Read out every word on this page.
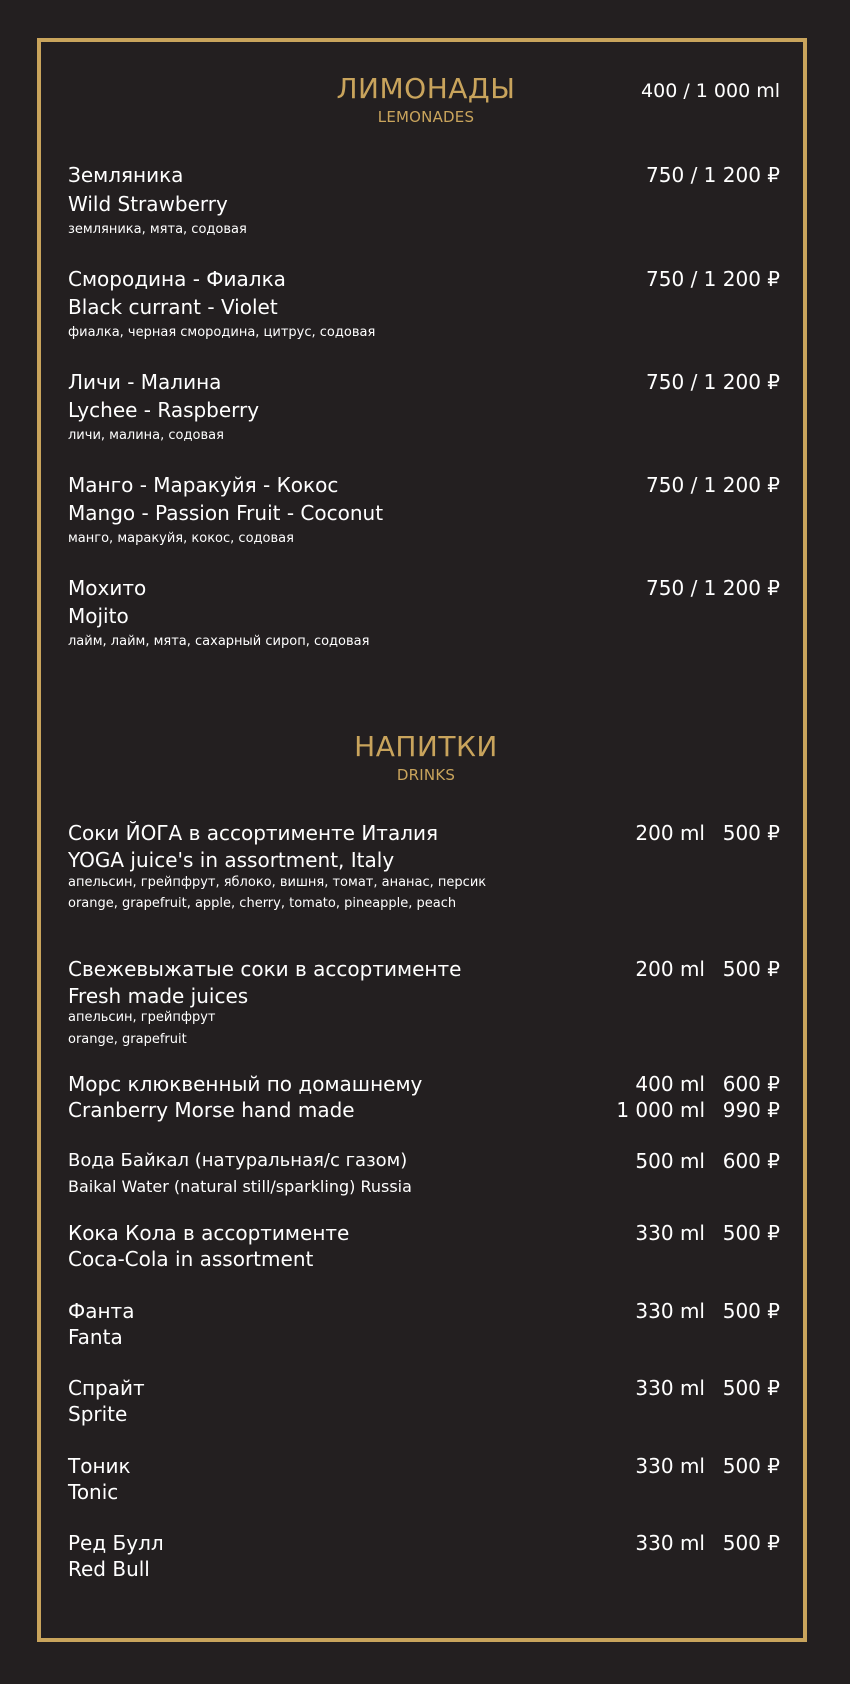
ЛИМОНАДЫ
LEMONADES
400 / 1 000 ml
Земляника
Wild Strawberry
земляника, мята, содовая
750 / 1 200 ₽
Смородина - Фиалка
Black currant - Violet
фиалка, черная смородина, цитрус, содовая
750 / 1 200 ₽
Личи - Малина
Lychee - Raspberry
личи, малина, содовая
750 / 1 200 ₽
Манго - Маракуйя - Кокос
Mango - Passion Fruit - Coconut
манго, маракуйя, кокос, содовая
750 / 1 200 ₽
Мохито
Mojito
лайм, лайм, мята, сахарный сироп, содовая
750 / 1 200 ₽
НАПИТКИ
DRINKS
Соки ЙОГА в ассортименте Италия
YOGA juice's in assortment, Italy
апельсин, грейпфрут, яблоко, вишня, томат, ананас, персик
orange, grapefruit, apple, cherry, tomato, pineapple, peach
200 ml 500 ₽
Свежевыжатые соки в ассортименте
Fresh made juices
апельсин, грейпфрут
orange, grapefruit
200 ml 500 ₽
Морс клюквенный по домашнему
Cranberry Morse hand made
400 ml 600 ₽
1 000 ml 990 ₽
Вода Байкал (натуральная/с газом)
Baikal Water (natural still/sparkling) Russia
500 ml 600 ₽
Кока Кола в ассортименте
Coca-Cola in assortment
330 ml 500 ₽
Фанта
Fanta
330 ml 500 ₽
Спрайт
Sprite
330 ml 500 ₽
Тоник
Tonic
330 ml 500 ₽
Ред Булл
Red Bull
330 ml 500 ₽
